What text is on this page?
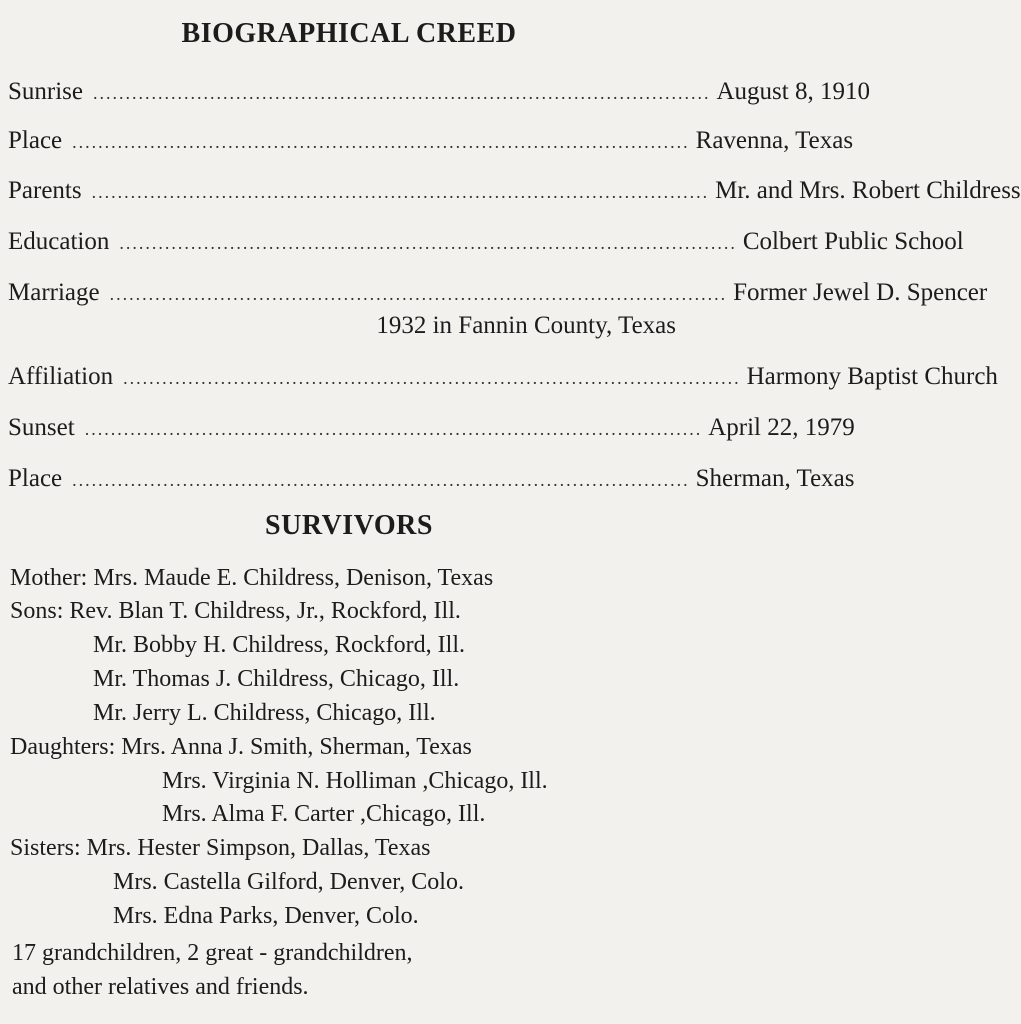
BIOGRAPHICAL CREED
Sunrise ............................................................................................... August 8, 1910
Place ............................................................................................... Ravenna, Texas
Parents ............................................................................................... Mr. and Mrs. Robert Childress
Education ............................................................................................... Colbert Public School
Marriage ............................................................................................... Former Jewel D. Spencer
1932 in Fannin County, Texas
Affiliation ............................................................................................... Harmony Baptist Church
Sunset ............................................................................................... April 22, 1979
Place ............................................................................................... Sherman, Texas
SURVIVORS
Mother: Mrs. Maude E. Childress, Denison, Texas
Sons: Rev. Blan T. Childress, Jr., Rockford, Ill.
Mr. Bobby H. Childress, Rockford, Ill.
Mr. Thomas J. Childress, Chicago, Ill.
Mr. Jerry L. Childress, Chicago, Ill.
Daughters: Mrs. Anna J. Smith, Sherman, Texas
Mrs. Virginia N. Holliman ,Chicago, Ill.
Mrs. Alma F. Carter ,Chicago, Ill.
Sisters: Mrs. Hester Simpson, Dallas, Texas
Mrs. Castella Gilford, Denver, Colo.
Mrs. Edna Parks, Denver, Colo.
17 grandchildren, 2 great - grandchildren,
and other relatives and friends.
